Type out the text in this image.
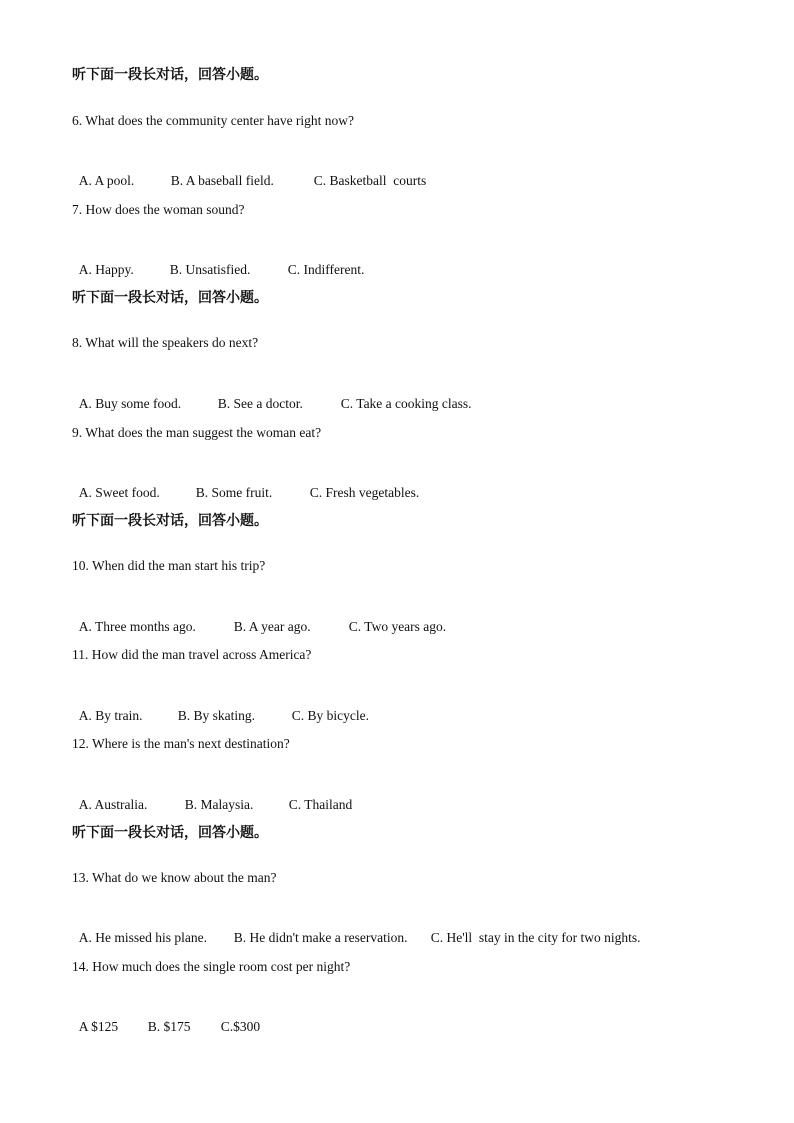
听下面一段长对话，回答小题。
6. What does the community center have right now?

A. A pool.	B. A baseball field.	C. Basketball  courts

7. How does the woman sound?

A. Happy.	B. Unsatisfied.	C. Indifferent.

听下面一段长对话，回答小题。
8. What will the speakers do next?

A. Buy some food.	B. See a doctor.	C. Take a cooking class.

9. What does the man suggest the woman eat?

A. Sweet food.	B. Some fruit.	C. Fresh vegetables.

听下面一段长对话，回答小题。
10. When did the man start his trip?

A. Three months ago.	B. A year ago.	C. Two years ago.

11. How did the man travel across America?

A. By train.	B. By skating.	C. By bicycle.

12. Where is the man's next destination?

A. Australia.	B. Malaysia.	C. Thailand

听下面一段长对话，回答小题。
13. What do we know about the man?

A. He missed his plane. B. He didn't make a reservation. C. He'll  stay in the city for two nights.

14. How much does the single room cost per night?

A $125 B. $175 C.$300
